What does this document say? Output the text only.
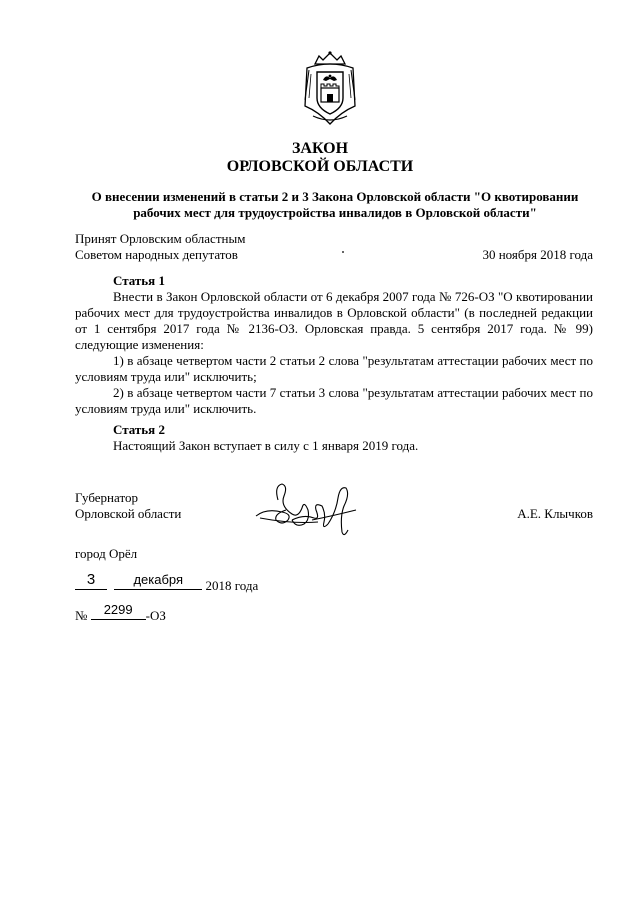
ЗАКОН
ОРЛОВСКОЙ ОБЛАСТИ
О внесении изменений в статьи 2 и 3 Закона Орловской области "О квотировании
рабочих мест для трудоустройства инвалидов в Орловской области"
Принят Орловским областным
Советом народных депутатов	30 ноября 2018 года
Статья 1
Внести в Закон Орловской области от 6 декабря 2007 года № 726-ОЗ "О квотировании
рабочих мест для трудоустройства инвалидов в Орловской области" (в последней редакции
от 1 сентября 2017 года № 2136-ОЗ. Орловская правда. 5 сентября 2017 года. № 99)
следующие изменения:
1) в абзаце четвертом части 2 статьи 2 слова "результатам аттестации рабочих мест по
условиям труда или" исключить;
2) в абзаце четвертом части 7 статьи 3 слова "результатам аттестации рабочих мест по
условиям труда или" исключить.
Статья 2
Настоящий Закон вступает в силу с 1 января 2019 года.
Губернатор
Орловской области	А.Е. Клычков
город Орёл
3
	декабря	2018 года
№	2299	-ОЗ
